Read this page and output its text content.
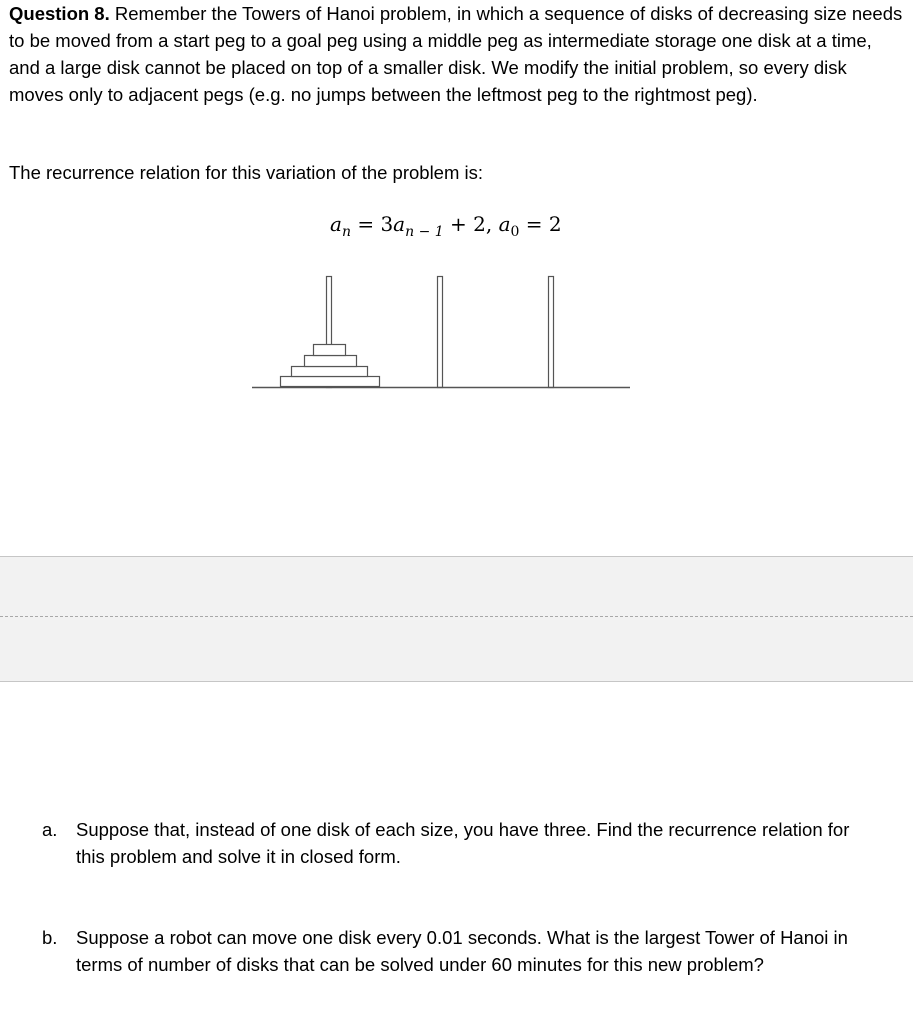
Question 8. Remember the Towers of Hanoi problem, in which a sequence of disks of decreasing size needs to be moved from a start peg to a goal peg using a middle peg as intermediate storage one disk at a time, and a large disk cannot be placed on top of a smaller disk. We modify the initial problem, so every disk moves only to adjacent pegs (e.g. no jumps between the leftmost peg to the rightmost peg).
The recurrence relation for this variation of the problem is:
$a_n = 3a_{n - 1} + 2$, $a_0 = 2$
a. Suppose that, instead of one disk of each size, you have three. Find the recurrence relation for this problem and solve it in closed form.
b. Suppose a robot can move one disk every 0.01 seconds. What is the largest Tower of Hanoi in terms of number of disks that can be solved under 60 minutes for this new problem?
